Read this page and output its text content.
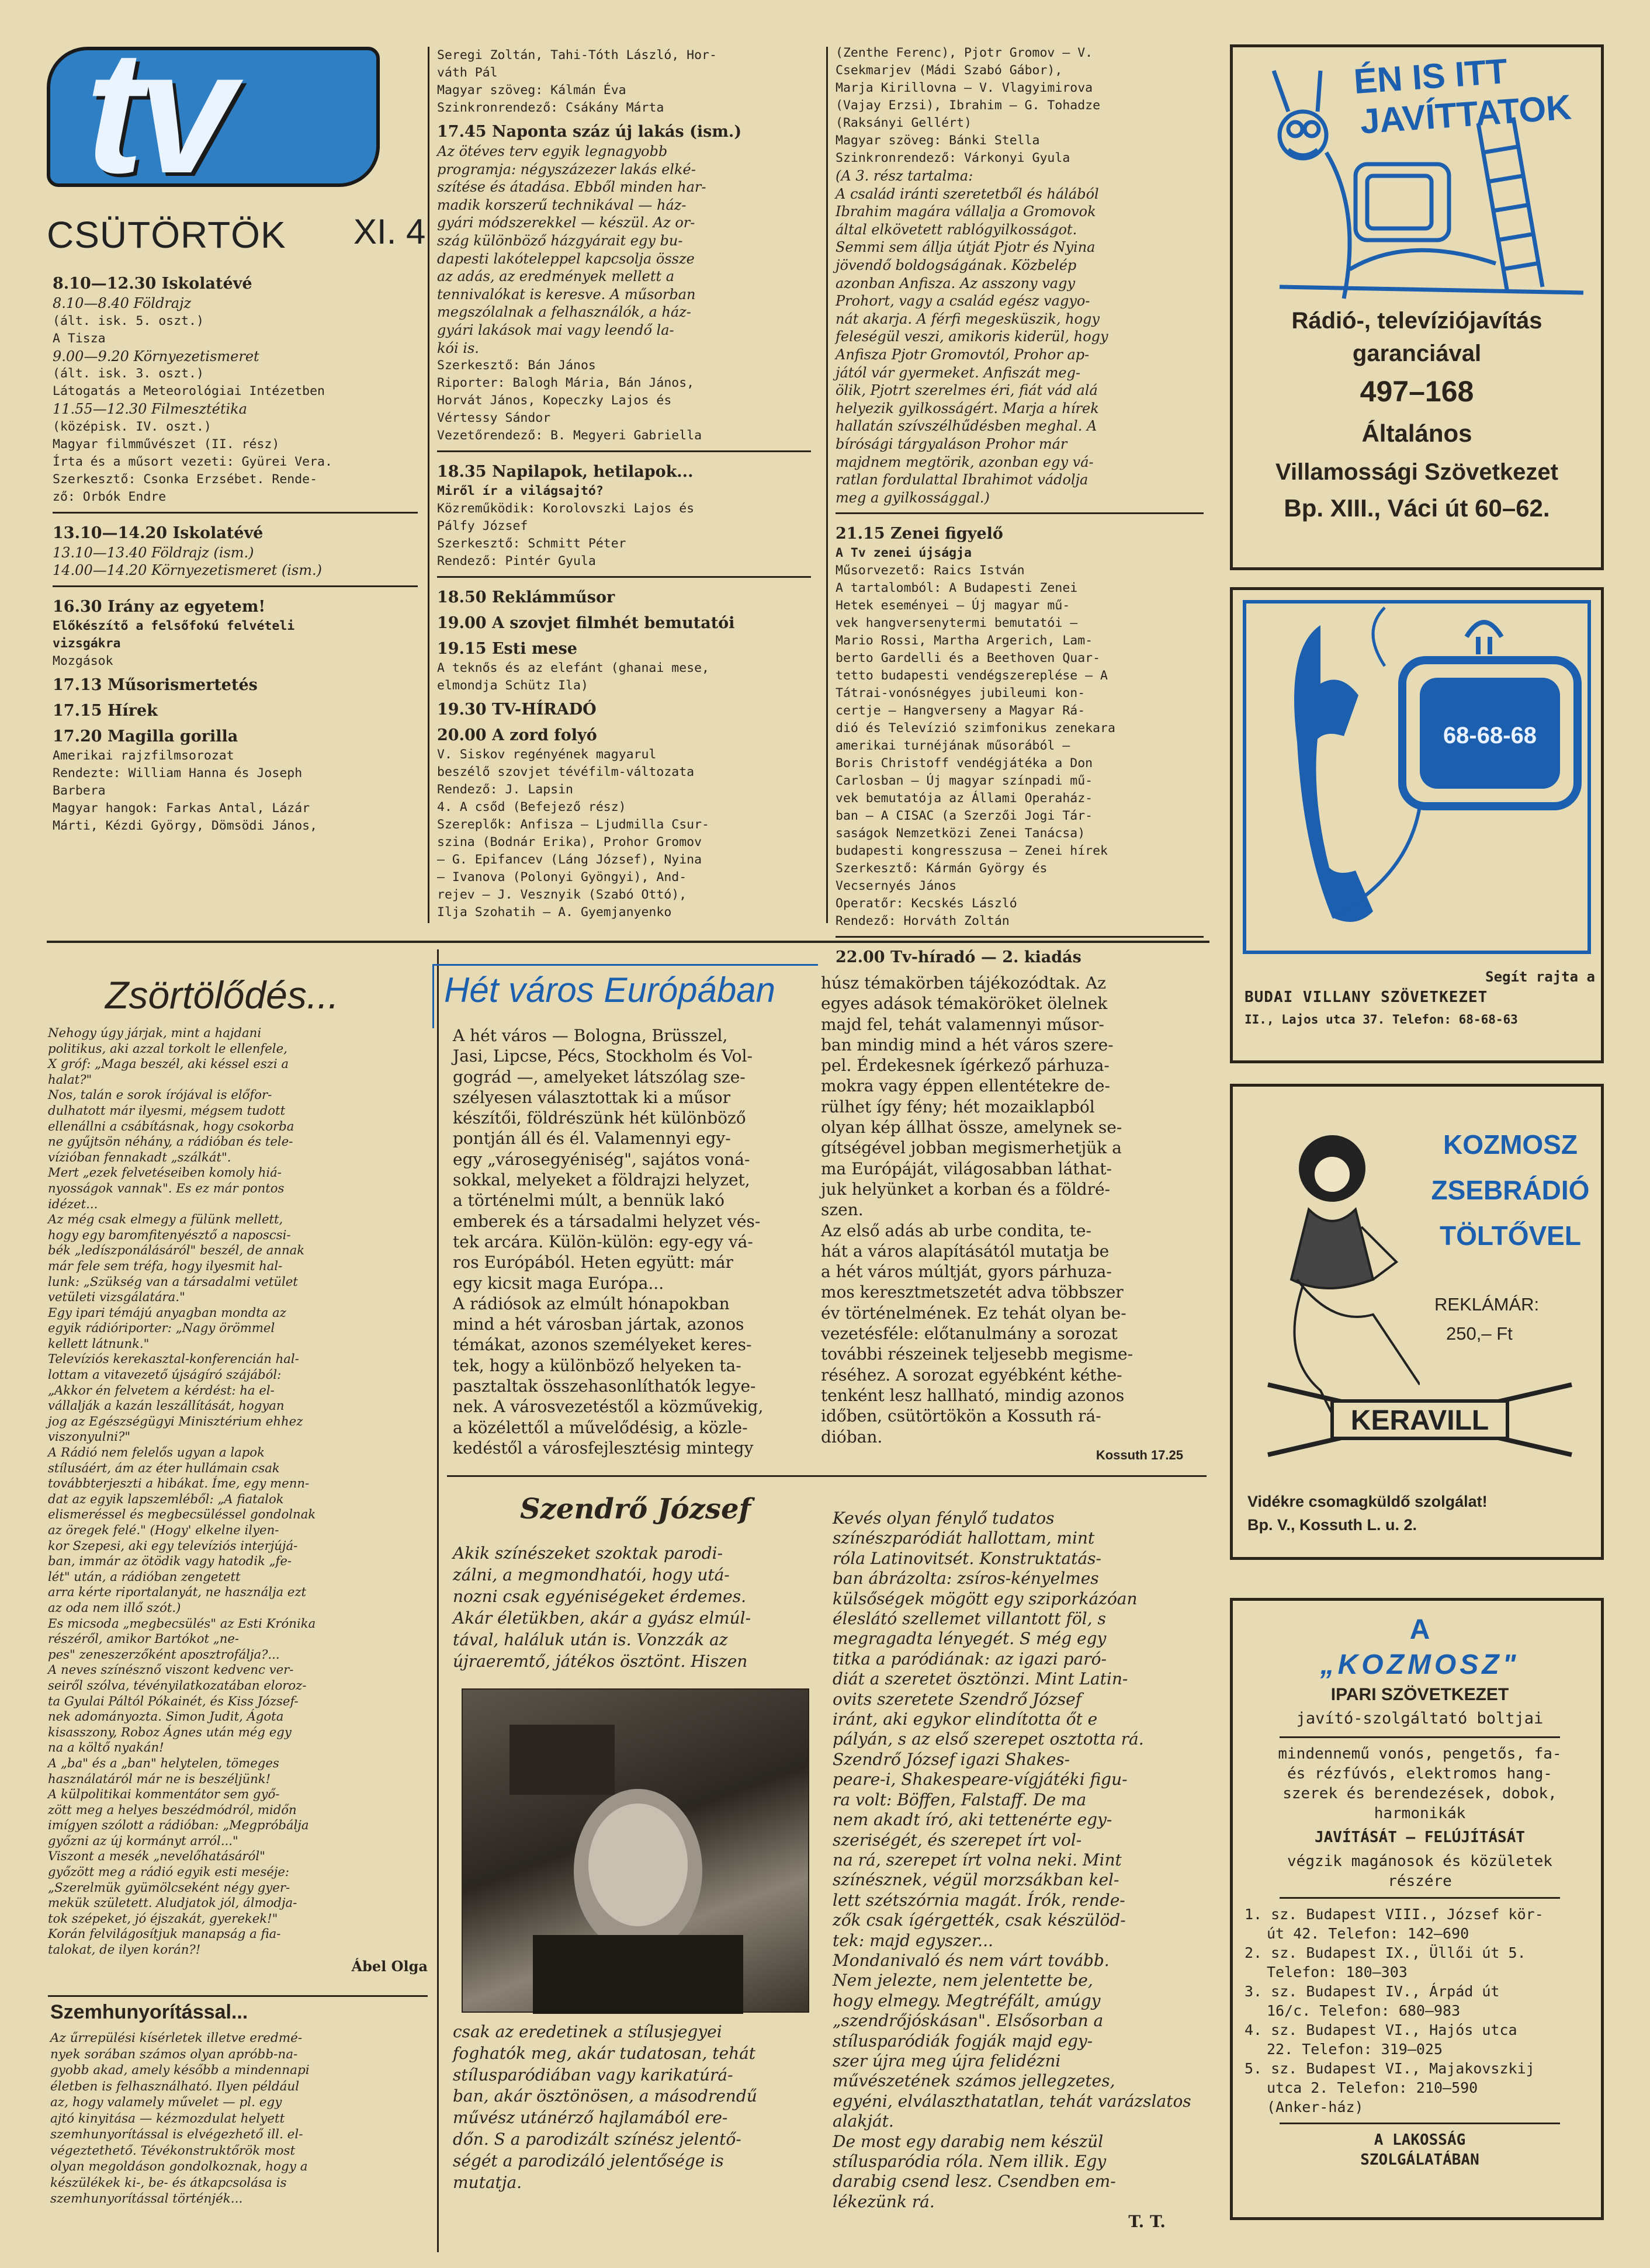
tv
CSÜTÖRTÖK XI. 4

8.10—12.30 Iskolatévé

8.10—8.40 Földrajz

(ált. isk. 5. oszt.)

A Tisza

9.00—9.20 Környezetismeret

(ált. isk. 3. oszt.)

Látogatás a Meteorológiai Intézetben

11.55—12.30 Filmesztétika

(középisk. IV. oszt.)

Magyar filmművészet (II. rész)

Írta és a műsort vezeti: Gyürei Vera.

Szerkesztő: Csonka Erzsébet. Rende-

ző: Orbók Endre

13.10—14.20 Iskolatévé

13.10—13.40 Földrajz (ism.)

14.00—14.20 Környezetismeret (ism.)

16.30 Irány az egyetem!

Előkészítő a felsőfokú felvételi

vizsgákra

Mozgások

17.13 Műsorismertetés

17.15 Hírek

17.20 Magilla gorilla

Amerikai rajzfilmsorozat

Rendezte: William Hanna és Joseph

Barbera

Magyar hangok: Farkas Antal, Lázár

Márti, Kézdi György, Dömsödi János,

Seregi Zoltán, Tahi-Tóth László, Hor-

váth Pál

Magyar szöveg: Kálmán Éva

Szinkronrendező: Csákány Márta

17.45 Naponta száz új lakás (ism.)

Az ötéves terv egyik legnagyobb

programja: négyszázezer lakás elké-

szítése és átadása. Ebből minden har-

madik korszerű technikával — ház-

gyári módszerekkel — készül. Az or-

szág különböző házgyárait egy bu-

dapesti lakóteleppel kapcsolja össze

az adás, az eredmények mellett a

tennivalókat is keresve. A műsorban

megszólalnak a felhasználók, a ház-

gyári lakások mai vagy leendő la-

kói is.

Szerkesztő: Bán János

Riporter: Balogh Mária, Bán János,

Horvát János, Kopeczky Lajos és

Vértessy Sándor

Vezetőrendező: B. Megyeri Gabriella

18.35 Napilapok, hetilapok...

Miről ír a világsajtó?

Közreműködik: Korolovszki Lajos és

Pálfy József

Szerkesztő: Schmitt Péter

Rendező: Pintér Gyula

18.50 Reklámműsor

19.00 A szovjet filmhét bemutatói

19.15 Esti mese

A teknős és az elefánt (ghanai mese,

elmondja Schütz Ila)

19.30 TV-HÍRADÓ

20.00 A zord folyó

V. Siskov regényének magyarul

beszélő szovjet tévéfilm-változata

Rendező: J. Lapsin

4. A csőd (Befejező rész)

Szereplők: Anfisza — Ljudmilla Csur-

szina (Bodnár Erika), Prohor Gromov

— G. Epifancev (Láng József), Nyina

— Ivanova (Polonyi Gyöngyi), And-

rejev — J. Vesznyik (Szabó Ottó),

Ilja Szohatih — A. Gyemjanyenko

(Zenthe Ferenc), Pjotr Gromov — V.

Csekmarjev (Mádi Szabó Gábor),

Marja Kirillovna — V. Vlagyimirova

(Vajay Erzsi), Ibrahim — G. Tohadze

(Raksányi Gellért)

Magyar szöveg: Bánki Stella

Szinkronrendező: Várkonyi Gyula

(A 3. rész tartalma:

A család iránti szeretetből és hálából

Ibrahim magára vállalja a Gromovok

által elkövetett rablógyilkosságot.

Semmi sem állja útját Pjotr és Nyina

jövendő boldogságának. Közbelép

azonban Anfisza. Az asszony vagy

Prohort, vagy a család egész vagyo-

nát akarja. A férfi megesküszik, hogy

feleségül veszi, amikoris kiderül, hogy

Anfisza Pjotr Gromovtól, Prohor ap-

jától vár gyermeket. Anfiszát meg-

ölik, Pjotrt szerelmes éri, fiát vád alá

helyezik gyilkosságért. Marja a hírek

hallatán szívszélhűdésben meghal. A

bírósági tárgyaláson Prohor már

majdnem megtörik, azonban egy vá-

ratlan fordulattal Ibrahimot vádolja

meg a gyilkossággal.)

21.15 Zenei figyelő

A Tv zenei újságja

Műsorvezető: Raics István

A tartalomból: A Budapesti Zenei

Hetek eseményei — Új magyar mű-

vek hangversenytermi bemutatói —

Mario Rossi, Martha Argerich, Lam-

berto Gardelli és a Beethoven Quar-

tetto budapesti vendégszereplése — A

Tátrai-vonósnégyes jubileumi kon-

certje — Hangverseny a Magyar Rá-

dió és Televízió szimfonikus zenekara

amerikai turnéjának műsorából —

Boris Christoff vendégjátéka a Don

Carlosban — Új magyar színpadi mű-

vek bemutatója az Állami Operaház-

ban — A CISAC (a Szerzői Jogi Tár-

saságok Nemzetközi Zenei Tanácsa)

budapesti kongresszusa — Zenei hírek

Szerkesztő: Kármán György és

Vecsernyés János

Operatőr: Kecskés László

Rendező: Horváth Zoltán

22.00 Tv-híradó — 2. kiadás

ÉN IS ITT
JAVÍTTATOK

Rádió-, televíziójavítás

garanciával

497–168

Általános

Villamossági Szövetkezet

Bp. XIII., Váci út 60–62.

68-68-68

Segít rajta a

BUDAI VILLANY SZÖVETKEZET

II., Lajos utca 37. Telefon: 68-68-63

KOZMOSZ

ZSEBRÁDIÓ

TÖLTŐVEL

REKLÁMÁR:
250,– Ft
KERAVILL

Vidékre csomagküldő szolgálat!

Bp. V., Kossuth L. u. 2.

A

„KOZMOSZ"

IPARI SZÖVETKEZET

javító-szolgáltató boltjai

mindennemű vonós, pengetős, fa-

és rézfúvós, elektromos hang-

szerek és berendezések, dobok,

harmonikák

JAVÍTÁSÁT — FELÚJÍTÁSÁT

végzik magánosok és közületek

részére

1. sz. Budapest VIII., József kör-

út 42. Telefon: 142—690

2. sz. Budapest IX., Üllői út 5.

Telefon: 180—303

3. sz. Budapest IV., Árpád út

16/c. Telefon: 680—983

4. sz. Budapest VI., Hajós utca

22. Telefon: 319—025

5. sz. Budapest VI., Majakovszkij

utca 2. Telefon: 210—590

(Anker-ház)

A LAKOSSÁG

SZOLGÁLATÁBAN

Zsörtölődés...

Nehogy úgy járjak, mint a hajdani

politikus, aki azzal torkolt le ellenfele,

X gróf: „Maga beszél, aki késsel eszi a

halat?"

Nos, talán e sorok írójával is előfor-

dulhatott már ilyesmi, mégsem tudott

ellenállni a csábításnak, hogy csokorba

ne gyűjtsön néhány, a rádióban és tele-

vízióban fennakadt „szálkát".

Mert „ezek felvetéseiben komoly hiá-

nyosságok vannak". Es ez már pontos

idézet...

Az még csak elmegy a fülünk mellett,

hogy egy baromfitenyésztő a naposcsi-

bék „ledíszponálásáról" beszél, de annak

már fele sem tréfa, hogy ilyesmit hal-

lunk: „Szükség van a társadalmi vetület

vetületi vizsgálatára."

Egy ipari témájú anyagban mondta az

egyik rádióriporter: „Nagy örömmel

kellett látnunk."

Televíziós kerekasztal-konferencián hal-

lottam a vitavezető újságíró szájából:

„Akkor én felvetem a kérdést: ha el-

vállalják a kazán leszállítását, hogyan

jog az Egészségügyi Minisztérium ehhez

viszonyulni?"

A Rádió nem felelős ugyan a lapok

stílusáért, ám az éter hullámain csak

továbbterjeszti a hibákat. Íme, egy menn-

dat az egyik lapszemléből: „A fiatalok

elismeréssel és megbecsüléssel gondolnak

az öregek felé." (Hogy' elkelne ilyen-

kor Szepesi, aki egy televíziós interjújá-

ban, immár az ötödik vagy hatodik „fe-

lét" után, a rádióban zengetett

arra kérte riportalanyát, ne használja ezt

az oda nem illő szót.)

Es micsoda „megbecsülés" az Esti Krónika

részéről, amikor Bartókot „ne-

pes" zeneszerzőként aposztrofálja?...

A neves színésznő viszont kedvenc ver-

seiről szólva, tévényilatkozatában eloroz-

ta Gyulai Páltól Pókainét, és Kiss József-

nek adományozta. Simon Judit, Ágota

kisasszony, Roboz Ágnes után még egy

na a költő nyakán!

A „ba" és a „ban" helytelen, tömeges

használatáról már ne is beszéljünk!

A külpolitikai kommentátor sem győ-

zött meg a helyes beszédmódról, midőn

imígyen szólott a rádióban: „Megpróbálja

győzni az új kormányt arról..."

Viszont a mesék „nevelőhatásáról"

győzött meg a rádió egyik esti meséje:

„Szerelmük gyümölcseként négy gyer-

mekük született. Aludjatok jól, álmodja-

tok szépeket, jó éjszakát, gyerekek!"

Korán felvilágosítjuk manapság a fia-

talokat, de ilyen korán?!

Ábel Olga

Szemhunyorítással...

Az űrrepülési kísérletek illetve eredmé-

nyek sorában számos olyan apróbb-na-

gyobb akad, amely később a mindennapi

életben is felhasználható. Ilyen például

az, hogy valamely művelet — pl. egy

ajtó kinyitása — kézmozdulat helyett

szemhunyorítással is elvégezhető ill. el-

végeztethető. Tévékonstruktőrök most

olyan megoldáson gondolkoznak, hogy a

készülékek ki-, be- és átkapcsolása is

szemhunyorítással történjék...

Hét város Európában

A hét város — Bologna, Brüsszel,

Jasi, Lipcse, Pécs, Stockholm és Vol-

gográd —, amelyeket látszólag sze-

szélyesen választottak ki a műsor

készítői, földrészünk hét különböző

pontján áll és él. Valamennyi egy-

egy „városegyéniség", sajátos voná-

sokkal, melyeket a földrajzi helyzet,

a történelmi múlt, a bennük lakó

emberek és a társadalmi helyzet vés-

tek arcára. Külön-külön: egy-egy vá-

ros Európából. Heten együtt: már

egy kicsit maga Európa...

A rádiósok az elmúlt hónapokban

mind a hét városban jártak, azonos

témákat, azonos személyeket keres-

tek, hogy a különböző helyeken ta-

pasztaltak összehasonlíthatók legye-

nek. A városvezetéstől a közművekig,

a közélettől a művelődésig, a közle-

kedéstől a városfejlesztésig mintegy

húsz témakörben tájékozódtak. Az

egyes adások témaköröket ölelnek

majd fel, tehát valamennyi műsor-

ban mindig mind a hét város szere-

pel. Érdekesnek ígérkező párhuza-

mokra vagy éppen ellentétekre de-

rülhet így fény; hét mozaiklapból

olyan kép állhat össze, amelynek se-

gítségével jobban megismerhetjük a

ma Európáját, világosabban láthat-

juk helyünket a korban és a földré-

szen.

Az első adás ab urbe condita, te-

hát a város alapításától mutatja be

a hét város múltját, gyors párhuza-

mos keresztmetszetét adva többszer

év történelmének. Ez tehát olyan be-

vezetésféle: előtanulmány a sorozat

további részeinek teljesebb megisme-

réséhez. A sorozat egyébként kéthe-

tenként lesz hallható, mindig azonos

időben, csütörtökön a Kossuth rá-

dióban.

Kossuth 17.25

Szendrő József

Akik színészeket szoktak parodi-

zálni, a megmondhatói, hogy utá-

nozni csak egyéniségeket érdemes.

Akár életükben, akár a gyász elmúl-

tával, haláluk után is. Vonzzák az

újraeremtő, játékos ösztönt. Hiszen

csak az eredetinek a stílusjegyei

foghatók meg, akár tudatosan, tehát

stílusparódiában vagy karikatúrá-

ban, akár ösztönösen, a másodrendű

művész utánérző hajlamából ere-

dőn. S a parodizált színész jelentő-

ségét a parodizáló jelentősége is

mutatja.

Kevés olyan fénylő tudatos

színészparódiát hallottam, mint

róla Latinovitsét. Konstruktatás-

ban ábrázolta: zsíros-kényelmes

külsőségek mögött egy sziporkázóan

éleslátó szellemet villantott föl, s

megragadta lényegét. S még egy

titka a paródiának: az igazi paró-

diát a szeretet ösztönzi. Mint Latin-

ovits szeretete Szendrő József

iránt, aki egykor elindította őt e

pályán, s az első szerepet osztotta rá.

Szendrő József igazi Shakes-

peare-i, Shakespeare-vígjátéki figu-

ra volt: Böffen, Falstaff. De ma

nem akadt író, aki tettenérte egy-

szeriségét, és szerepet írt vol-

na rá, szerepet írt volna neki. Mint

színésznek, végül morzsákban kel-

lett szétszórnia magát. Írók, rende-

zők csak ígérgették, csak készülöd-

tek: majd egyszer...

Mondanivaló és nem várt tovább.

Nem jelezte, nem jelentette be,

hogy elmegy. Megtréfált, amúgy

„szendrőjóskásan". Elsősorban a

stílusparódiák fogják majd egy-

szer újra meg újra felidézni

művészetének számos jellegzetes,

egyéni, elválaszthatatlan, tehát varázslatos

alakját.

De most egy darabig nem készül

stílusparódia róla. Nem illik. Egy

darabig csend lesz. Csendben em-

lékezünk rá.

T. T.
